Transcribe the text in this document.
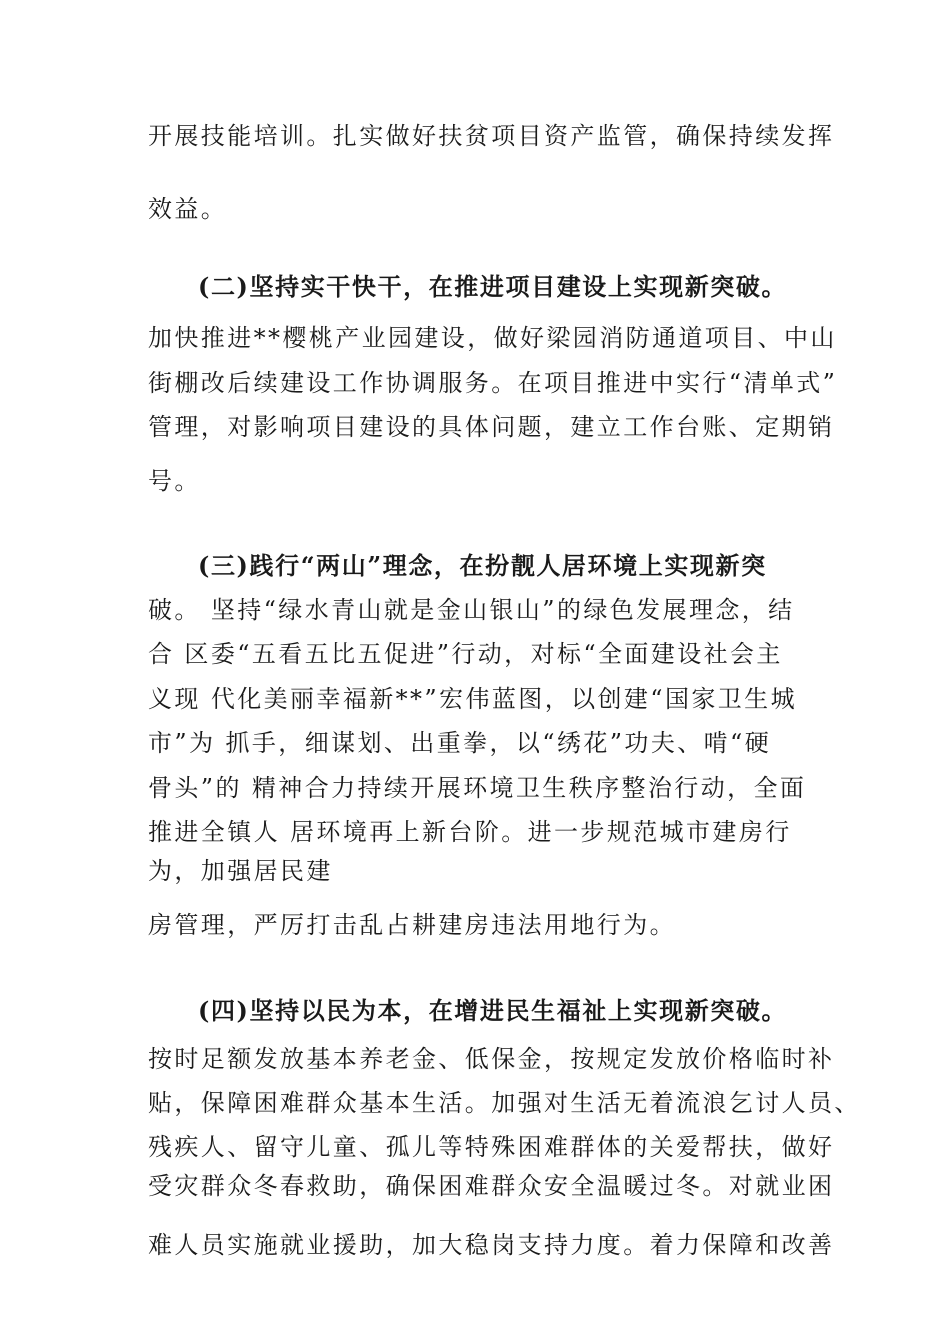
开展技能培训。扎实做好扶贫项目资产监管，确保持续发挥
效益。
(二)坚持实干快干，在推进项目建设上实现新突破。
加快推进**樱桃产业园建设，做好梁园消防通道项目、中山
街棚改后续建设工作协调服务。在项目推进中实行“清单式”
管理，对影响项目建设的具体问题，建立工作台账、定期销
号。
(三)践行“两山”理念，在扮靓人居环境上实现新突
破。 坚持“绿水青山就是金山银山”的绿色发展理念，结
合 区委“五看五比五促进”行动，对标“全面建设社会主
义现 代化美丽幸福新**”宏伟蓝图，以创建“国家卫生城
市”为 抓手，细谋划、出重拳，以“绣花”功夫、啃“硬
骨头”的 精神合力持续开展环境卫生秩序整治行动，全面
推进全镇人 居环境再上新台阶。进一步规范城市建房行
为，加强居民建
房管理，严厉打击乱占耕建房违法用地行为。
(四)坚持以民为本，在增进民生福祉上实现新突破。
按时足额发放基本养老金、低保金，按规定发放价格临时补
贴，保障困难群众基本生活。加强对生活无着流浪乞讨人员、
残疾人、留守儿童、孤儿等特殊困难群体的关爱帮扶，做好
受灾群众冬春救助，确保困难群众安全温暖过冬。对就业困
难人员实施就业援助，加大稳岗支持力度。着力保障和改善
